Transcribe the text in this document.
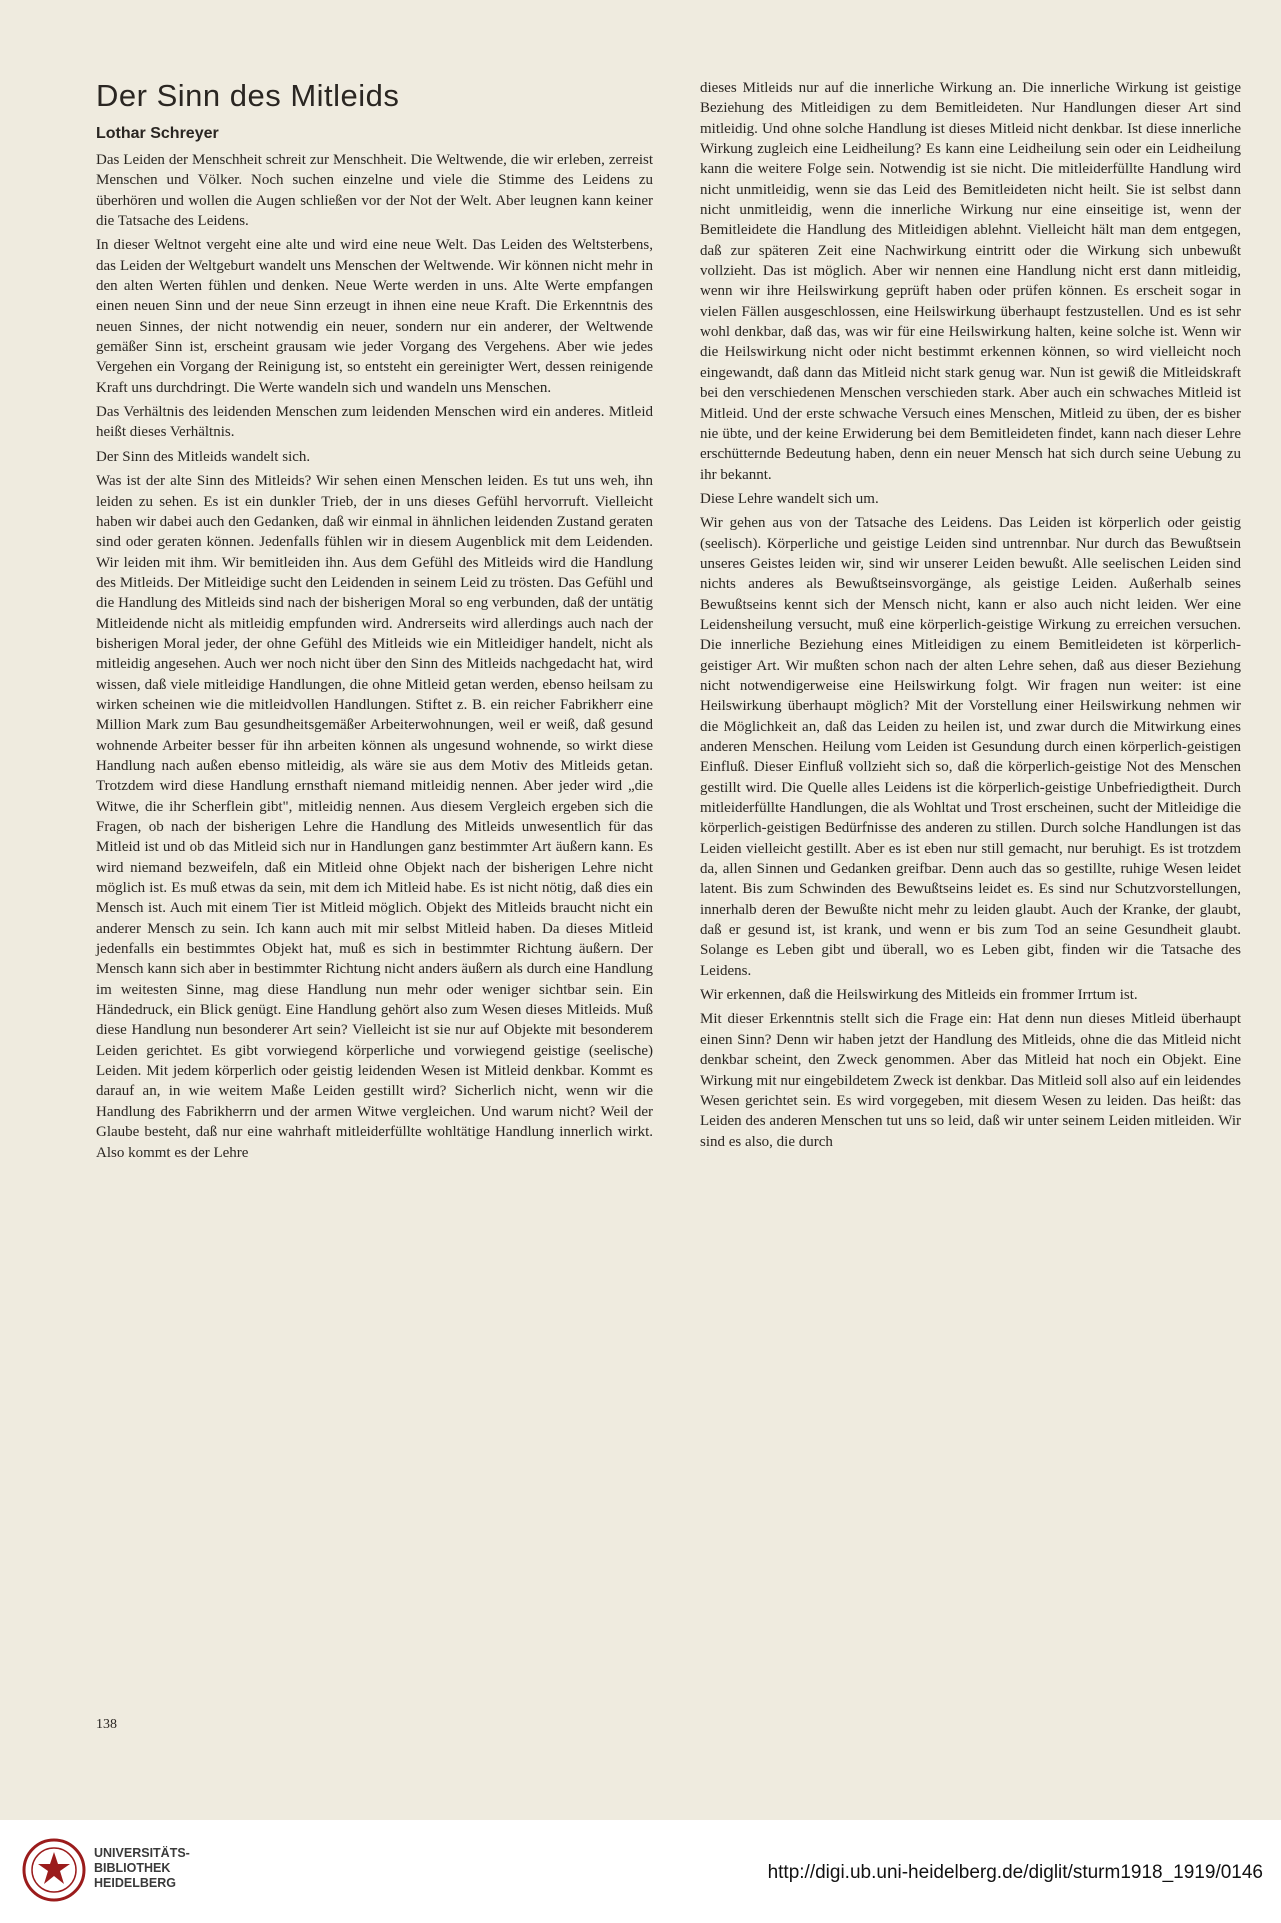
Der Sinn des Mitleids
Lothar Schreyer

Das Leiden der Menschheit schreit zur Menschheit. Die Weltwende, die wir erleben, zerreist Menschen und Völker. Noch suchen einzelne und viele die Stimme des Leidens zu überhören und wollen die Augen schließen vor der Not der Welt. Aber leugnen kann keiner die Tatsache des Leidens.

In dieser Weltnot vergeht eine alte und wird eine neue Welt. Das Leiden des Weltsterbens, das Leiden der Weltgeburt wandelt uns Menschen der Weltwende. Wir können nicht mehr in den alten Werten fühlen und denken. Neue Werte werden in uns. Alte Werte empfangen einen neuen Sinn und der neue Sinn erzeugt in ihnen eine neue Kraft. Die Erkenntnis des neuen Sinnes, der nicht notwendig ein neuer, sondern nur ein anderer, der Weltwende gemäßer Sinn ist, erscheint grausam wie jeder Vorgang des Vergehens. Aber wie jedes Vergehen ein Vorgang der Reinigung ist, so entsteht ein gereinigter Wert, dessen reinigende Kraft uns durchdringt. Die Werte wandeln sich und wandeln uns Menschen.

Das Verhältnis des leidenden Menschen zum leidenden Menschen wird ein anderes. Mitleid heißt dieses Verhältnis.

Der Sinn des Mitleids wandelt sich.

Was ist der alte Sinn des Mitleids? Wir sehen einen Menschen leiden. Es tut uns weh, ihn leiden zu sehen. Es ist ein dunkler Trieb, der in uns dieses Gefühl hervorruft. Vielleicht haben wir dabei auch den Gedanken, daß wir einmal in ähnlichen leidenden Zustand geraten sind oder geraten können. Jedenfalls fühlen wir in diesem Augenblick mit dem Leidenden. Wir leiden mit ihm. Wir bemitleiden ihn. Aus dem Gefühl des Mitleids wird die Handlung des Mitleids. Der Mitleidige sucht den Leidenden in seinem Leid zu trösten. Das Gefühl und die Handlung des Mitleids sind nach der bisherigen Moral so eng verbunden, daß der untätig Mitleidende nicht als mitleidig empfunden wird. Andrerseits wird allerdings auch nach der bisherigen Moral jeder, der ohne Gefühl des Mitleids wie ein Mitleidiger handelt, nicht als mitleidig angesehen. Auch wer noch nicht über den Sinn des Mitleids nachgedacht hat, wird wissen, daß viele mitleidige Handlungen, die ohne Mitleid getan werden, ebenso heilsam zu wirken scheinen wie die mitleidvollen Handlungen. Stiftet z. B. ein reicher Fabrikherr eine Million Mark zum Bau gesundheitsgemäßer Arbeiterwohnungen, weil er weiß, daß gesund wohnende Arbeiter besser für ihn arbeiten können als ungesund wohnende, so wirkt diese Handlung nach außen ebenso mitleidig, als wäre sie aus dem Motiv des Mitleids getan. Trotzdem wird diese Handlung ernsthaft niemand mitleidig nennen. Aber jeder wird „die Witwe, die ihr Scherflein gibt", mitleidig nennen. Aus diesem Vergleich ergeben sich die Fragen, ob nach der bisherigen Lehre die Handlung des Mitleids unwesentlich für das Mitleid ist und ob das Mitleid sich nur in Handlungen ganz bestimmter Art äußern kann. Es wird niemand bezweifeln, daß ein Mitleid ohne Objekt nach der bisherigen Lehre nicht möglich ist. Es muß etwas da sein, mit dem ich Mitleid habe. Es ist nicht nötig, daß dies ein Mensch ist. Auch mit einem Tier ist Mitleid möglich. Objekt des Mitleids braucht nicht ein anderer Mensch zu sein. Ich kann auch mit mir selbst Mitleid haben. Da dieses Mitleid jedenfalls ein bestimmtes Objekt hat, muß es sich in bestimmter Richtung äußern. Der Mensch kann sich aber in bestimmter Richtung nicht anders äußern als durch eine Handlung im weitesten Sinne, mag diese Handlung nun mehr oder weniger sichtbar sein. Ein Händedruck, ein Blick genügt. Eine Handlung gehört also zum Wesen dieses Mitleids. Muß diese Handlung nun besonderer Art sein? Vielleicht ist sie nur auf Objekte mit besonderem Leiden gerichtet. Es gibt vorwiegend körperliche und vorwiegend geistige (seelische) Leiden. Mit jedem körperlich oder geistig leidenden Wesen ist Mitleid denkbar. Kommt es darauf an, in wie weitem Maße Leiden gestillt wird? Sicherlich nicht, wenn wir die Handlung des Fabrikherrn und der armen Witwe vergleichen. Und warum nicht? Weil der Glaube besteht, daß nur eine wahrhaft mitleiderfüllte wohltätige Handlung innerlich wirkt. Also kommt es der Lehre

dieses Mitleids nur auf die innerliche Wirkung an. Die innerliche Wirkung ist geistige Beziehung des Mitleidigen zu dem Bemitleideten. Nur Handlungen dieser Art sind mitleidig. Und ohne solche Handlung ist dieses Mitleid nicht denkbar. Ist diese innerliche Wirkung zugleich eine Leidheilung? Es kann eine Leidheilung sein oder ein Leidheilung kann die weitere Folge sein. Notwendig ist sie nicht. Die mitleiderfüllte Handlung wird nicht unmitleidig, wenn sie das Leid des Bemitleideten nicht heilt. Sie ist selbst dann nicht unmitleidig, wenn die innerliche Wirkung nur eine einseitige ist, wenn der Bemitleidete die Handlung des Mitleidigen ablehnt. Vielleicht hält man dem entgegen, daß zur späteren Zeit eine Nachwirkung eintritt oder die Wirkung sich unbewußt vollzieht. Das ist möglich. Aber wir nennen eine Handlung nicht erst dann mitleidig, wenn wir ihre Heilswirkung geprüft haben oder prüfen können. Es erscheit sogar in vielen Fällen ausgeschlossen, eine Heilswirkung überhaupt festzustellen. Und es ist sehr wohl denkbar, daß das, was wir für eine Heilswirkung halten, keine solche ist. Wenn wir die Heilswirkung nicht oder nicht bestimmt erkennen können, so wird vielleicht noch eingewandt, daß dann das Mitleid nicht stark genug war. Nun ist gewiß die Mitleidskraft bei den verschiedenen Menschen verschieden stark. Aber auch ein schwaches Mitleid ist Mitleid. Und der erste schwache Versuch eines Menschen, Mitleid zu üben, der es bisher nie übte, und der keine Erwiderung bei dem Bemitleideten findet, kann nach dieser Lehre erschütternde Bedeutung haben, denn ein neuer Mensch hat sich durch seine Uebung zu ihr bekannt.

Diese Lehre wandelt sich um.

Wir gehen aus von der Tatsache des Leidens. Das Leiden ist körperlich oder geistig (seelisch). Körperliche und geistige Leiden sind untrennbar. Nur durch das Bewußtsein unseres Geistes leiden wir, sind wir unserer Leiden bewußt. Alle seelischen Leiden sind nichts anderes als Bewußtseinsvorgänge, als geistige Leiden. Außerhalb seines Bewußtseins kennt sich der Mensch nicht, kann er also auch nicht leiden. Wer eine Leidensheilung versucht, muß eine körperlich-geistige Wirkung zu erreichen versuchen. Die innerliche Beziehung eines Mitleidigen zu einem Bemitleideten ist körperlich-geistiger Art. Wir mußten schon nach der alten Lehre sehen, daß aus dieser Beziehung nicht notwendigerweise eine Heilswirkung folgt. Wir fragen nun weiter: ist eine Heilswirkung überhaupt möglich? Mit der Vorstellung einer Heilswirkung nehmen wir die Möglichkeit an, daß das Leiden zu heilen ist, und zwar durch die Mitwirkung eines anderen Menschen. Heilung vom Leiden ist Gesundung durch einen körperlich-geistigen Einfluß. Dieser Einfluß vollzieht sich so, daß die körperlich-geistige Not des Menschen gestillt wird. Die Quelle alles Leidens ist die körperlich-geistige Unbefriedigtheit. Durch mitleiderfüllte Handlungen, die als Wohltat und Trost erscheinen, sucht der Mitleidige die körperlich-geistigen Bedürfnisse des anderen zu stillen. Durch solche Handlungen ist das Leiden vielleicht gestillt. Aber es ist eben nur still gemacht, nur beruhigt. Es ist trotzdem da, allen Sinnen und Gedanken greifbar. Denn auch das so gestillte, ruhige Wesen leidet latent. Bis zum Schwinden des Bewußtseins leidet es. Es sind nur Schutzvorstellungen, innerhalb deren der Bewußte nicht mehr zu leiden glaubt. Auch der Kranke, der glaubt, daß er gesund ist, ist krank, und wenn er bis zum Tod an seine Gesundheit glaubt. Solange es Leben gibt und überall, wo es Leben gibt, finden wir die Tatsache des Leidens.

Wir erkennen, daß die Heilswirkung des Mitleids ein frommer Irrtum ist.

Mit dieser Erkenntnis stellt sich die Frage ein: Hat denn nun dieses Mitleid überhaupt einen Sinn? Denn wir haben jetzt der Handlung des Mitleids, ohne die das Mitleid nicht denkbar scheint, den Zweck genommen. Aber das Mitleid hat noch ein Objekt. Eine Wirkung mit nur eingebildetem Zweck ist denkbar. Das Mitleid soll also auf ein leidendes Wesen gerichtet sein. Es wird vorgegeben, mit diesem Wesen zu leiden. Das heißt: das Leiden des anderen Menschen tut uns so leid, daß wir unter seinem Leiden mitleiden. Wir sind es also, die durch

138
UNIVERSITÄTS-
BIBLIOTHEK
HEIDELBERG	http://digi.ub.uni-heidelberg.de/diglit/sturm1918_1919/0146
